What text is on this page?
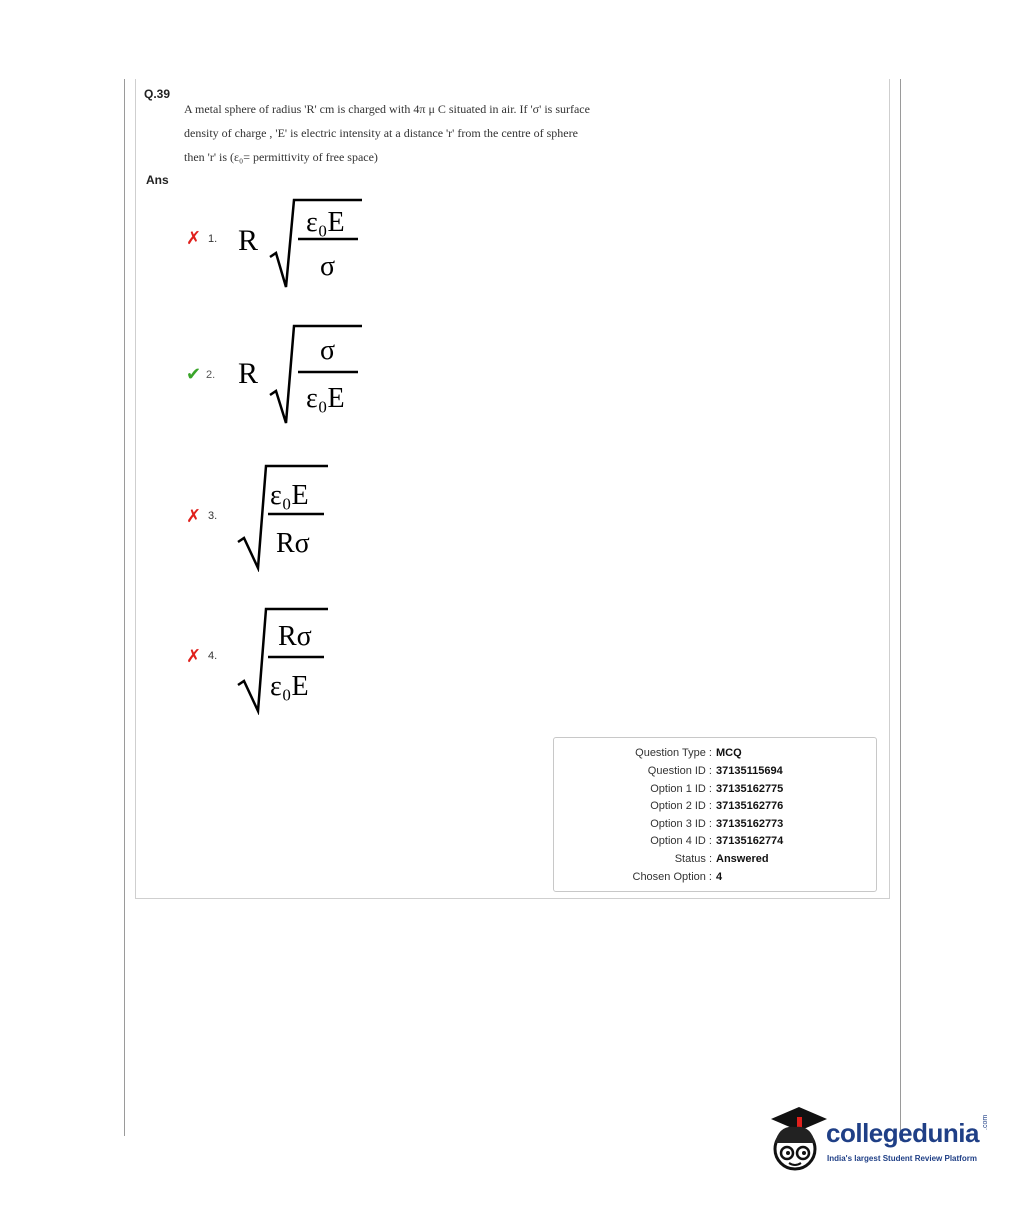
Q.39

A metal sphere of radius 'R' cm is charged with 4π μ C situated in air. If 'σ' is surface

density of charge , 'E' is electric intensity at a distance 'r' from the centre of sphere

then 'r' is (ε₀= permittivity of free space)

Ans
✗ 1. R
ε₀E
σ
✔ 2. R
σ
ε₀E
✗ 3.
ε₀E
Rσ
✗ 4.
Rσ
ε₀E
Question Type : MCQ
Question ID : 37135115694
Option 1 ID : 37135162775
Option 2 ID : 37135162776
Option 3 ID : 37135162773
Option 4 ID : 37135162774
Status : Answered
Chosen Option : 4
collegedunia .com
India's largest Student Review Platform
